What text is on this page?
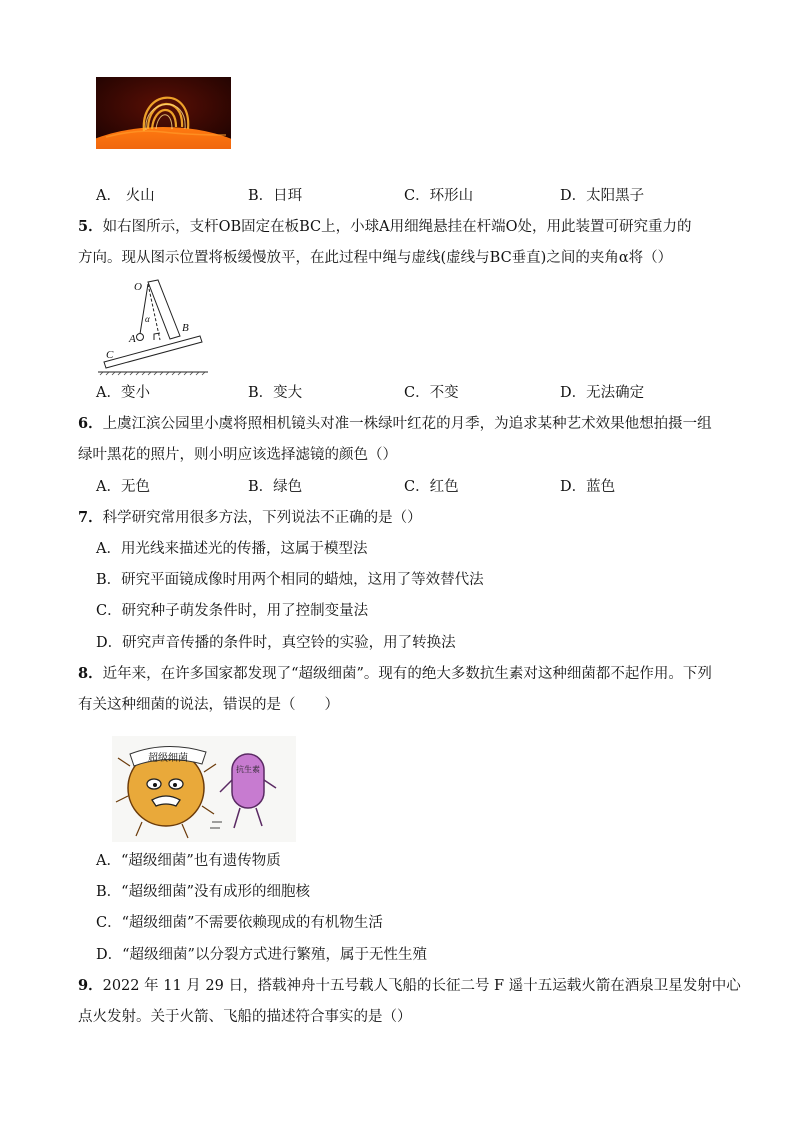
A． 火山	B．日珥	C．环形山	D．太阳黑子
5．如右图所示，支杆OB固定在板BC上，小球A用细绳悬挂在杆端O处，用此装置可研究重力的
方向。现从图示位置将板缓慢放平，在此过程中绳与虚线(虚线与BC垂直)之间的夹角α将（）
O
α
A
B
C
A．变小	B．变大	C．不变	D．无法确定
6．上虞江滨公园里小虞将照相机镜头对准一株绿叶红花的月季，为追求某种艺术效果他想拍摄一组
绿叶黑花的照片，则小明应该选择滤镜的颜色（）
A．无色	B．绿色	C．红色	D．蓝色
7．科学研究常用很多方法，下列说法不正确的是（）
A．用光线来描述光的传播，这属于模型法
B．研究平面镜成像时用两个相同的蜡烛，这用了等效替代法
C．研究种子萌发条件时，用了控制变量法
D．研究声音传播的条件时，真空铃的实验，用了转换法
8．近年来，在许多国家都发现了“超级细菌”。现有的绝大多数抗生素对这种细菌都不起作用。下列
有关这种细菌的说法，错误的是（　　）
超级细菌
抗生素
A．“超级细菌”也有遗传物质
B．“超级细菌”没有成形的细胞核
C．“超级细菌”不需要依赖现成的有机物生活
D．“超级细菌”以分裂方式进行繁殖，属于无性生殖
9．2022 年 11 月 29 日，搭载神舟十五号载人飞船的长征二号 F 遥十五运载火箭在酒泉卫星发射中心
点火发射。关于火箭、飞船的描述符合事实的是（）
